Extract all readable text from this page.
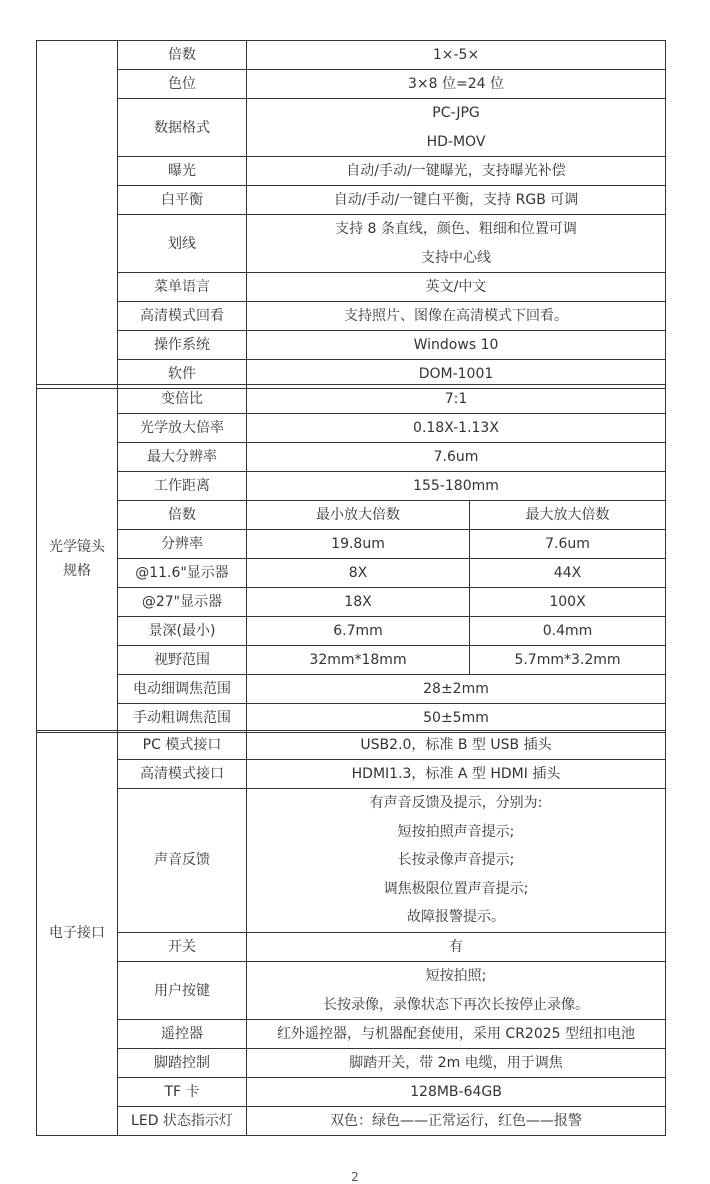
	倍数	1×-5×
	色位	3×8 位=24 位
	数据格式	PC-JPG
HD-MOV

	曝光	自动/手动/一键曝光，支持曝光补偿
	白平衡	自动/手动/一键白平衡，支持 RGB 可调
	划线	支持 8 条直线，颜色、粗细和位置可调
支持中心线

	菜单语言	英文/中文
	高清模式回看	支持照片、图像在高清模式下回看。
	操作系统	Windows 10
	软件	DOM-1001
光学镜头
规格	变倍比	7:1	
	光学放大倍率	0.18X-1.13X	
	最大分辨率	7.6um	
	工作距离	155-180mm	
	倍数	最小放大倍数	最大放大倍数
	分辨率	19.8um	7.6um
	@11.6"显示器	8X	44X
	@27"显示器	18X	100X
	景深(最小)	6.7mm	0.4mm
	视野范围	32mm*18mm	5.7mm*3.2mm
	电动细调焦范围	28±2mm	
	手动粗调焦范围	50±5mm	
电子接口	PC 模式接口	USB2.0，标准 B 型 USB 插头
	高清模式接口	HDMI1.3，标准 A 型 HDMI 插头
	声音反馈	有声音反馈及提示，分别为:
短按拍照声音提示;
长按录像声音提示;
调焦极限位置声音提示;
故障报警提示。

	开关	有
	用户按键	短按拍照;
长按录像，录像状态下再次长按停止录像。

	遥控器	红外遥控器，与机器配套使用，采用 CR2025 型纽扣电池
	脚踏控制	脚踏开关，带 2m 电缆，用于调焦
	TF 卡	128MB-64GB
	LED 状态指示灯	双色：绿色——正常运行，红色——报警
2
